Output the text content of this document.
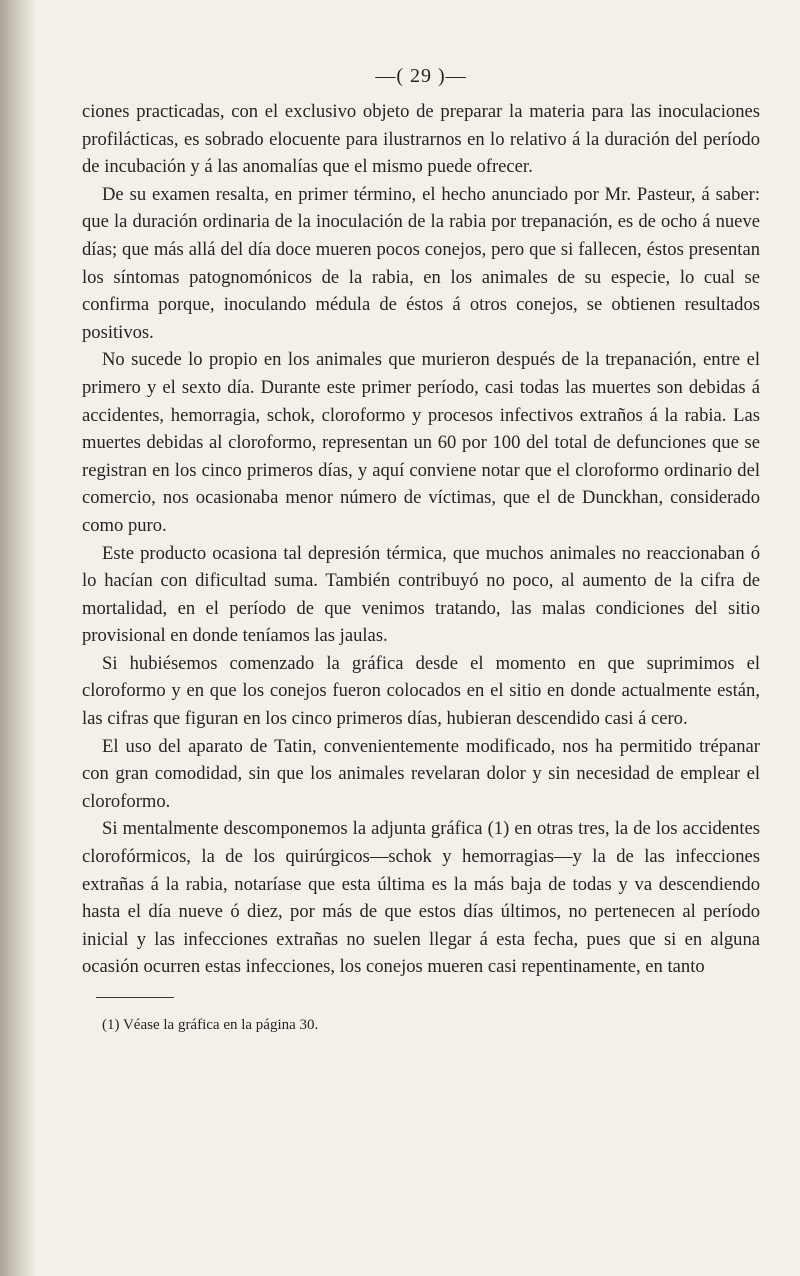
—( 29 )—

ciones practicadas, con el exclusivo objeto de preparar la materia para las inoculaciones profilácticas, es sobrado elocuente para ilustrarnos en lo relativo á la duración del período de incubación y á las anomalías que el mismo puede ofrecer.

De su examen resalta, en primer término, el hecho anunciado por Mr. Pasteur, á saber: que la duración ordinaria de la inoculación de la rabia por trepanación, es de ocho á nueve días; que más allá del día doce mueren pocos conejos, pero que si fallecen, éstos presentan los síntomas patognomónicos de la rabia, en los animales de su especie, lo cual se confirma porque, inoculando médula de éstos á otros conejos, se obtienen resultados positivos.

No sucede lo propio en los animales que murieron después de la trepanación, entre el primero y el sexto día. Durante este primer período, casi todas las muertes son debidas á accidentes, hemorragia, schok, cloroformo y procesos infectivos extraños á la rabia. Las muertes debidas al cloroformo, representan un 60 por 100 del total de defunciones que se registran en los cinco primeros días, y aquí conviene notar que el cloroformo ordinario del comercio, nos ocasionaba menor número de víctimas, que el de Dunckhan, considerado como puro.

Este producto ocasiona tal depresión térmica, que muchos animales no reaccionaban ó lo hacían con dificultad suma. También contribuyó no poco, al aumento de la cifra de mortalidad, en el período de que venimos tratando, las malas condiciones del sitio provisional en donde teníamos las jaulas.

Si hubiésemos comenzado la gráfica desde el momento en que suprimimos el cloroformo y en que los conejos fueron colocados en el sitio en donde actualmente están, las cifras que figuran en los cinco primeros días, hubieran descendido casi á cero.

El uso del aparato de Tatin, convenientemente modificado, nos ha permitido trépanar con gran comodidad, sin que los animales revelaran dolor y sin necesidad de emplear el cloroformo.

Si mentalmente descomponemos la adjunta gráfica (1) en otras tres, la de los accidentes clorofórmicos, la de los quirúrgicos—schok y hemorragias—y la de las infecciones extrañas á la rabia, notaríase que esta última es la más baja de todas y va descendiendo hasta el día nueve ó diez, por más de que estos días últimos, no pertenecen al período inicial y las infecciones extrañas no suelen llegar á esta fecha, pues que si en alguna ocasión ocurren estas infecciones, los conejos mueren casi repentinamente, en tanto

(1) Véase la gráfica en la página 30.
